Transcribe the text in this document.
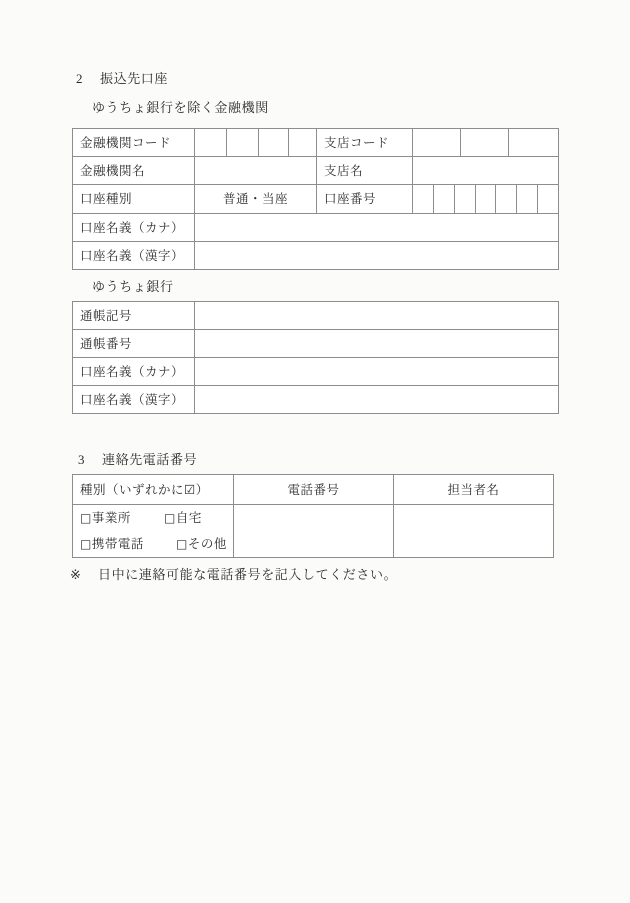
2 振込先口座
ゆうちょ銀行を除く金融機関
金融機関コード					支店コード			
金融機関名		支店名	
口座種別	普通・当座	口座番号	

口座名義（カナ）	
口座名義（漢字）	
ゆうちょ銀行
通帳記号	
通帳番号	
口座名義（カナ）	
口座名義（漢字）	
3 連絡先電話番号
種別（いずれかに☑）	電話番号	担当者名

□事業所 □自宅
□携帯電話 □その他		

※ 日中に連絡可能な電話番号を記入してください。
